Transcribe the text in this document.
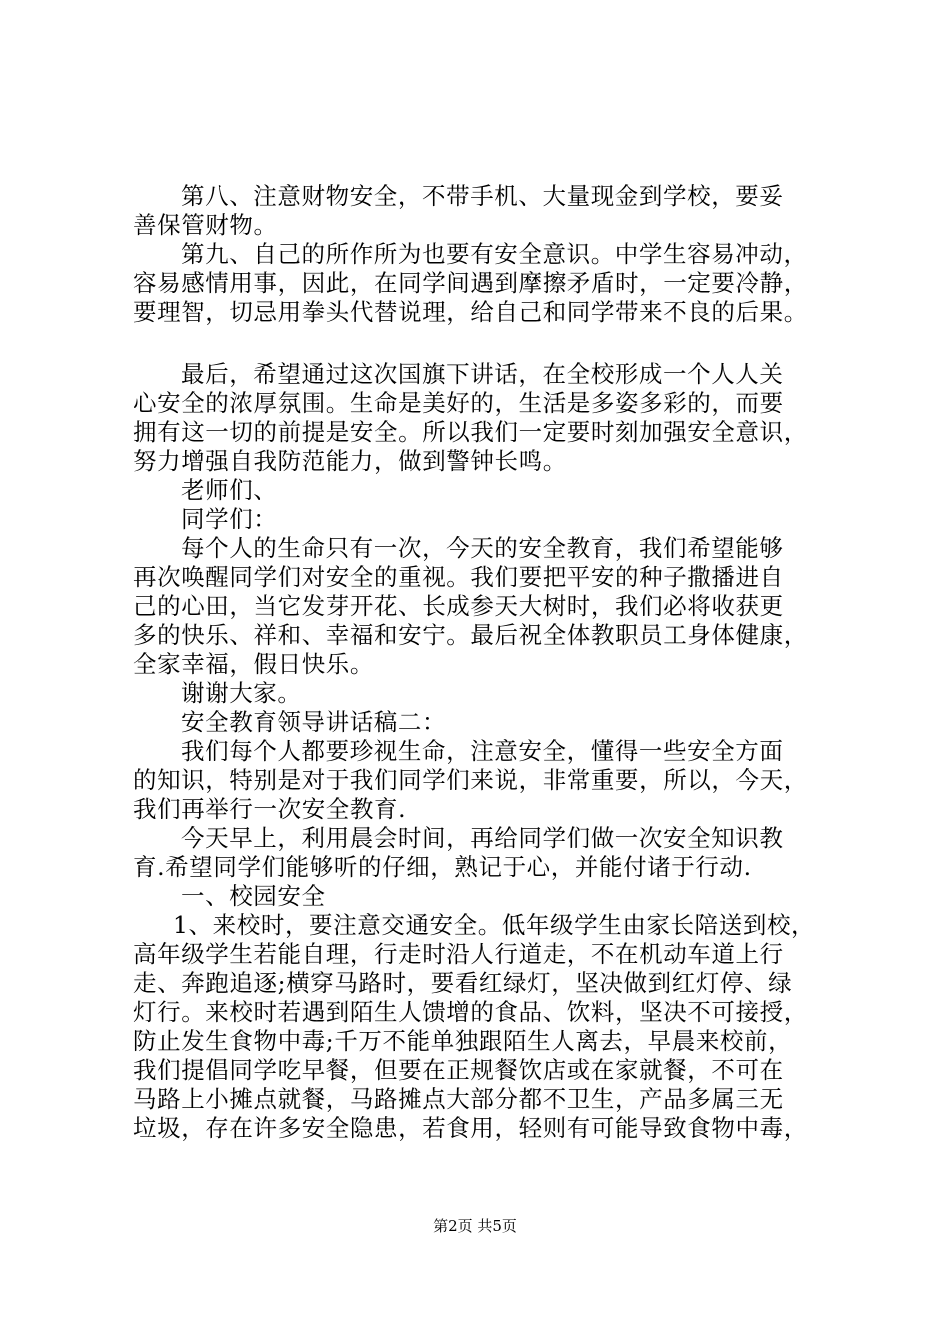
第八、注意财物安全，不带手机、大量现金到学校，要妥
善保管财物。
第九、自己的所作所为也要有安全意识。中学生容易冲动，
容易感情用事，因此，在同学间遇到摩擦矛盾时，一定要冷静，
要理智，切忌用拳头代替说理，给自己和同学带来不良的后果。
最后，希望通过这次国旗下讲话，在全校形成一个人人关
心安全的浓厚氛围。生命是美好的，生活是多姿多彩的，而要
拥有这一切的前提是安全。所以我们一定要时刻加强安全意识，
努力增强自我防范能力，做到警钟长鸣。
老师们、
同学们：
每个人的生命只有一次，今天的安全教育，我们希望能够
再次唤醒同学们对安全的重视。我们要把平安的种子撒播进自
己的心田，当它发芽开花、长成参天大树时，我们必将收获更
多的快乐、祥和、幸福和安宁。最后祝全体教职员工身体健康，
全家幸福，假日快乐。
谢谢大家。
安全教育领导讲话稿二：
我们每个人都要珍视生命，注意安全，懂得一些安全方面
的知识，特别是对于我们同学们来说，非常重要，所以，今天，
我们再举行一次安全教育.
今天早上，利用晨会时间，再给同学们做一次安全知识教
育.希望同学们能够听的仔细，熟记于心，并能付诸于行动.
一、校园安全
1、来校时，要注意交通安全。低年级学生由家长陪送到校，
高年级学生若能自理，行走时沿人行道走，不在机动车道上行
走、奔跑追逐;横穿马路时，要看红绿灯，坚决做到红灯停、绿
灯行。来校时若遇到陌生人馈增的食品、饮料，坚决不可接授，
防止发生食物中毒;千万不能单独跟陌生人离去，早晨来校前，
我们提倡同学吃早餐，但要在正规餐饮店或在家就餐，不可在
马路上小摊点就餐，马路摊点大部分都不卫生，产品多属三无
垃圾，存在许多安全隐患，若食用，轻则有可能导致食物中毒，
第2页 共5页
